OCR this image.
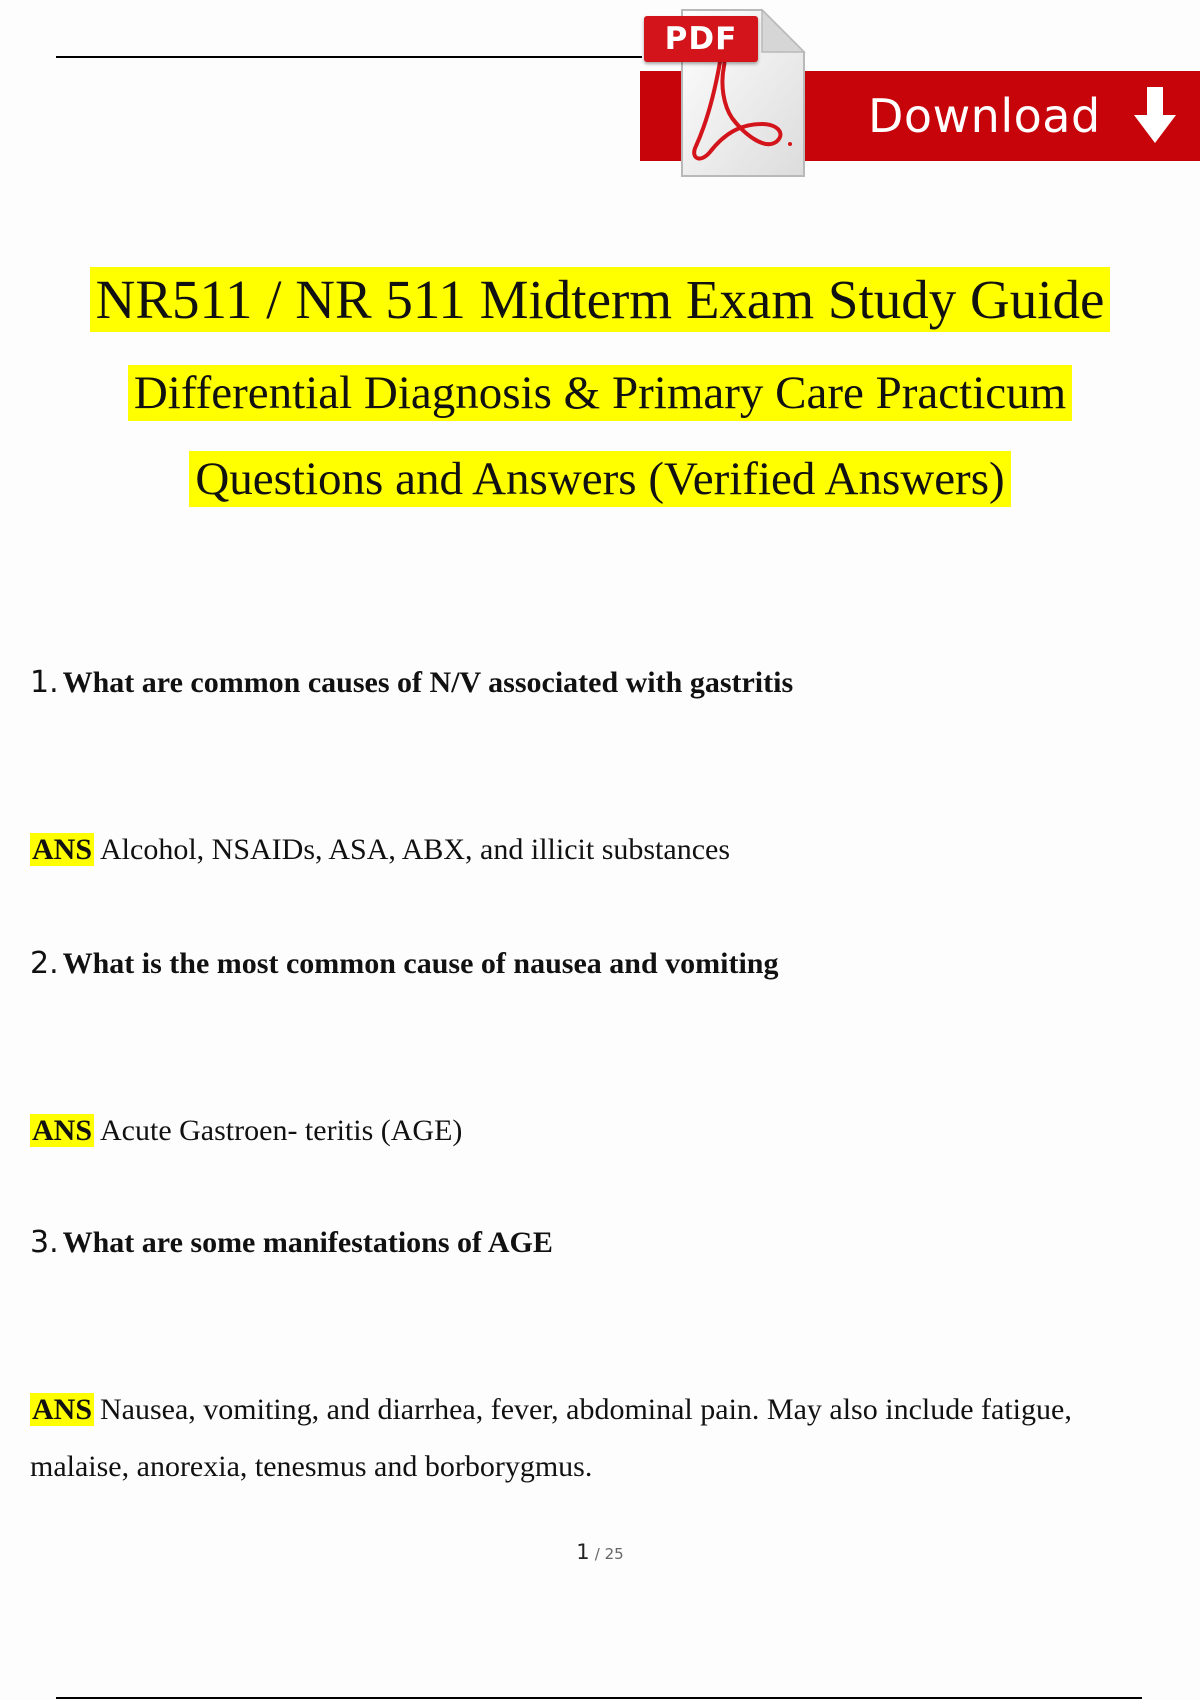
Download
PDF
NR511 / NR 511 Midterm Exam Study Guide
Differential Diagnosis & Primary Care Practicum
Questions and Answers (Verified Answers)
1. What are common causes of N/V associated with gastritis
ANS Alcohol, NSAIDs, ASA, ABX, and illicit substances
2. What is the most common cause of nausea and vomiting
ANS Acute Gastroen- teritis (AGE)
3. What are some manifestations of AGE
ANS Nausea, vomiting, and diarrhea, fever, abdominal pain. May also include fatigue, malaise, anorexia, tenesmus and borborygmus.
1 / 25
